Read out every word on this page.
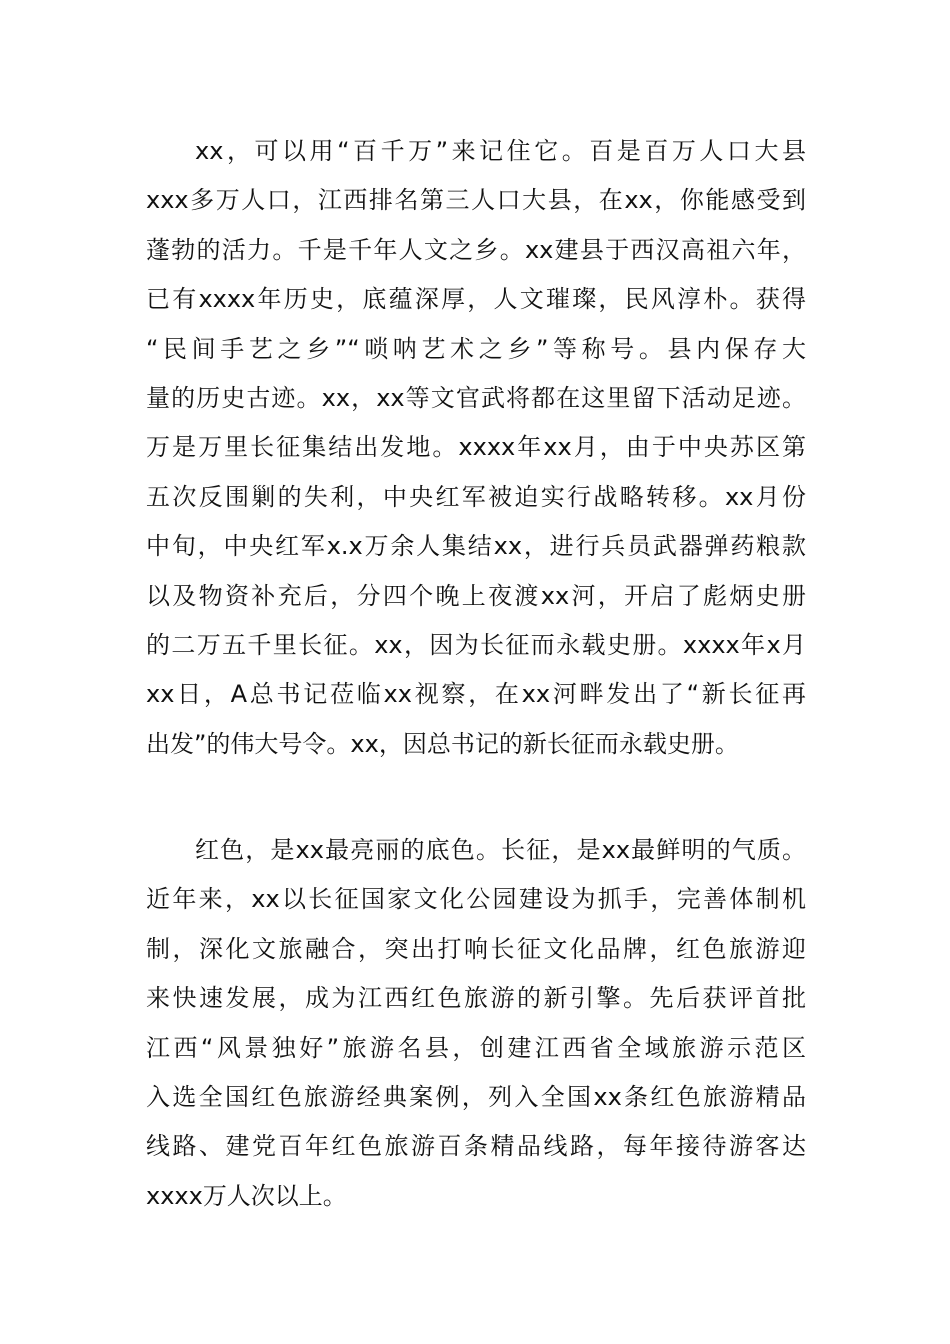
xx，可以用“百千万”来记住它。百是百万人口大县
xxx多万人口，江西排名第三人口大县，在xx，你能感受到
蓬勃的活力。千是千年人文之乡。xx建县于西汉高祖六年，
已有xxxx年历史，底蕴深厚，人文璀璨，民风淳朴。获得
“民间手艺之乡”“唢呐艺术之乡”等称号。县内保存大
量的历史古迹。xx，xx等文官武将都在这里留下活动足迹。
万是万里长征集结出发地。xxxx年xx月，由于中央苏区第
五次反围剿的失利，中央红军被迫实行战略转移。xx月份
中旬，中央红军x.x万余人集结xx，进行兵员武器弹药粮款
以及物资补充后，分四个晚上夜渡xx河，开启了彪炳史册
的二万五千里长征。xx，因为长征而永载史册。xxxx年x月
xx日，A总书记莅临xx视察，在xx河畔发出了“新长征再
出发”的伟大号令。xx，因总书记的新长征而永载史册。
红色，是xx最亮丽的底色。长征，是xx最鲜明的气质。
近年来，xx以长征国家文化公园建设为抓手，完善体制机
制，深化文旅融合，突出打响长征文化品牌，红色旅游迎
来快速发展，成为江西红色旅游的新引擎。先后获评首批
江西“风景独好”旅游名县，创建江西省全域旅游示范区
入选全国红色旅游经典案例，列入全国xx条红色旅游精品
线路、建党百年红色旅游百条精品线路，每年接待游客达
xxxx万人次以上。
